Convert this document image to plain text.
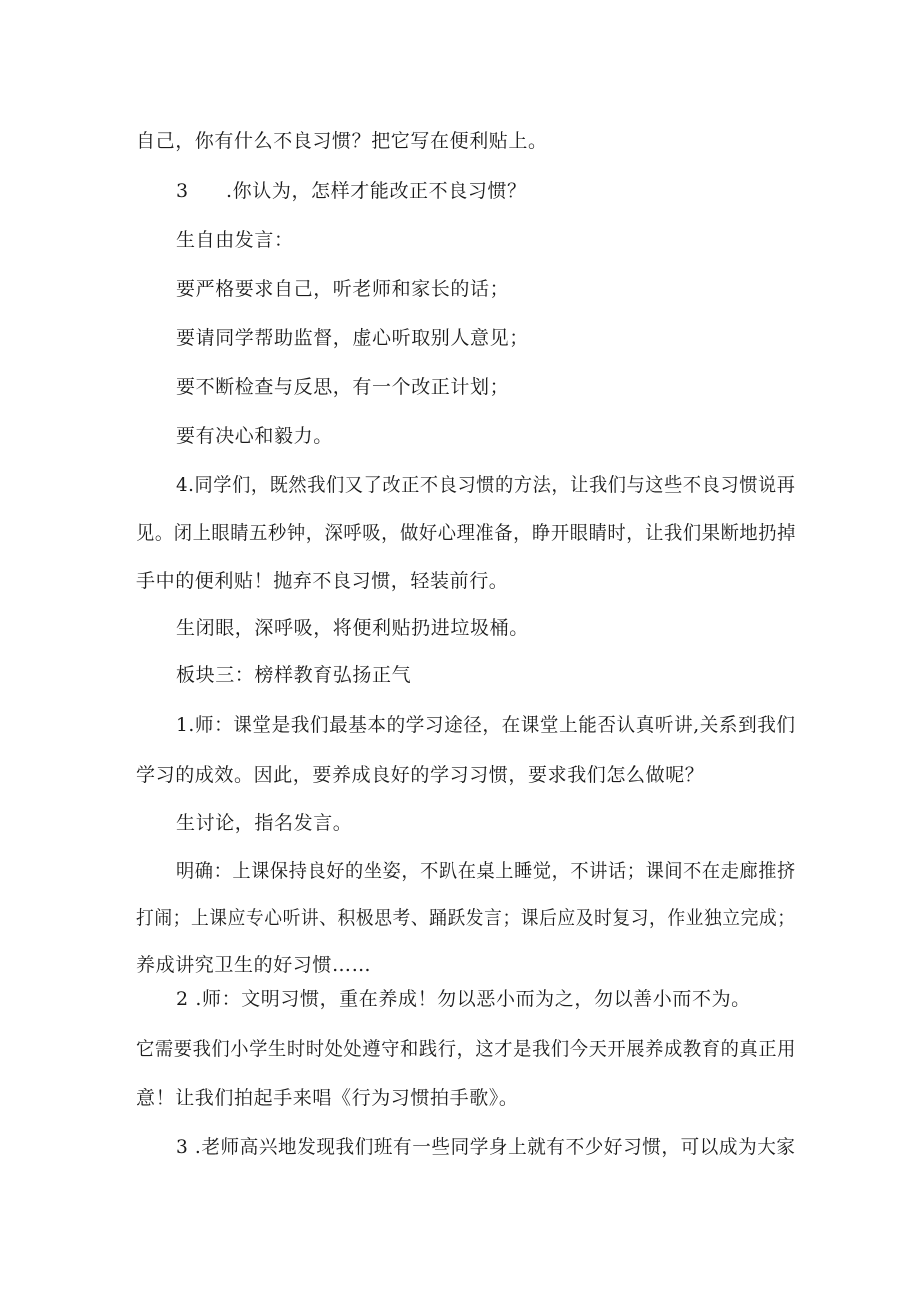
自己，你有什么不良习惯？把它写在便利贴上。
3 .你认为，怎样才能改正不良习惯？
生自由发言：
要严格要求自己，听老师和家长的话；
要请同学帮助监督，虚心听取别人意见；
要不断检查与反思，有一个改正计划；
要有决心和毅力。
4.同学们，既然我们又了改正不良习惯的方法，让我们与这些不良习惯说再
见。闭上眼睛五秒钟，深呼吸，做好心理准备，睁开眼睛时，让我们果断地扔掉
手中的便利贴！抛弃不良习惯，轻装前行。
生闭眼，深呼吸，将便利贴扔进垃圾桶。
板块三：榜样教育弘扬正气
1.师：课堂是我们最基本的学习途径，在课堂上能否认真听讲,关系到我们
学习的成效。因此，要养成良好的学习习惯，要求我们怎么做呢？
生讨论，指名发言。
明确：上课保持良好的坐姿，不趴在桌上睡觉，不讲话；课间不在走廊推挤
打闹；上课应专心听讲、积极思考、踊跃发言；课后应及时复习，作业独立完成；
养成讲究卫生的好习惯……
2 .师：文明习惯，重在养成！勿以恶小而为之，勿以善小而不为。
它需要我们小学生时时处处遵守和践行，这才是我们今天开展养成教育的真正用
意！让我们拍起手来唱《行为习惯拍手歌》。
3 .老师高兴地发现我们班有一些同学身上就有不少好习惯，可以成为大家
